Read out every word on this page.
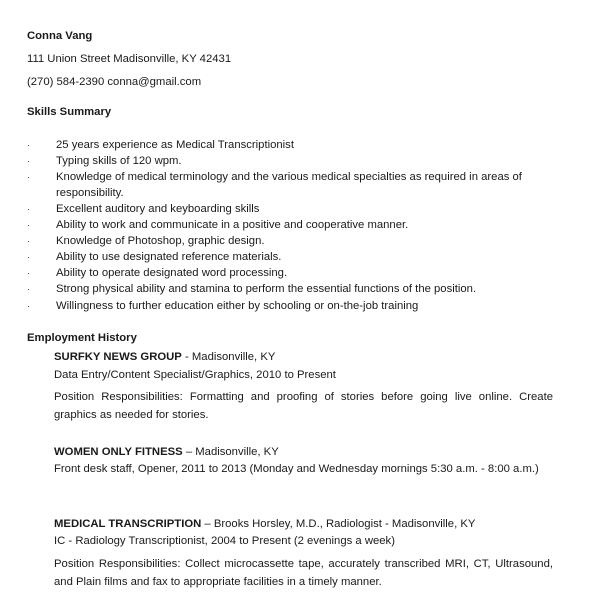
Conna Vang
111 Union Street Madisonville, KY 42431
(270) 584-2390 conna@gmail.com
Skills Summary
·	25 years experience as Medical Transcriptionist
·	Typing skills of 120 wpm.
·	Knowledge of medical terminology and the various medical specialties as required in areas of
responsibility.
·	Excellent auditory and keyboarding skills
·	Ability to work and communicate in a positive and cooperative manner.
·	Knowledge of Photoshop, graphic design.
·	Ability to use designated reference materials.
·	Ability to operate designated word processing.
·	Strong physical ability and stamina to perform the essential functions of the position.
·	Willingness to further education either by schooling or on-the-job training
Employment History
SURFKY NEWS GROUP - Madisonville, KY
Data Entry/Content Specialist/Graphics, 2010 to Present
Position Responsibilities: Formatting and proofing of stories before going live online. Create graphics as needed for stories.
WOMEN ONLY FITNESS – Madisonville, KY
Front desk staff, Opener, 2011 to 2013 (Monday and Wednesday mornings 5:30 a.m. - 8:00 a.m.)
MEDICAL TRANSCRIPTION – Brooks Horsley, M.D., Radiologist - Madisonville, KY
IC - Radiology Transcriptionist, 2004 to Present (2 evenings a week)
Position Responsibilities: Collect microcassette tape, accurately transcribed MRI, CT, Ultrasound, and Plain films and fax to appropriate facilities in a timely manner.
